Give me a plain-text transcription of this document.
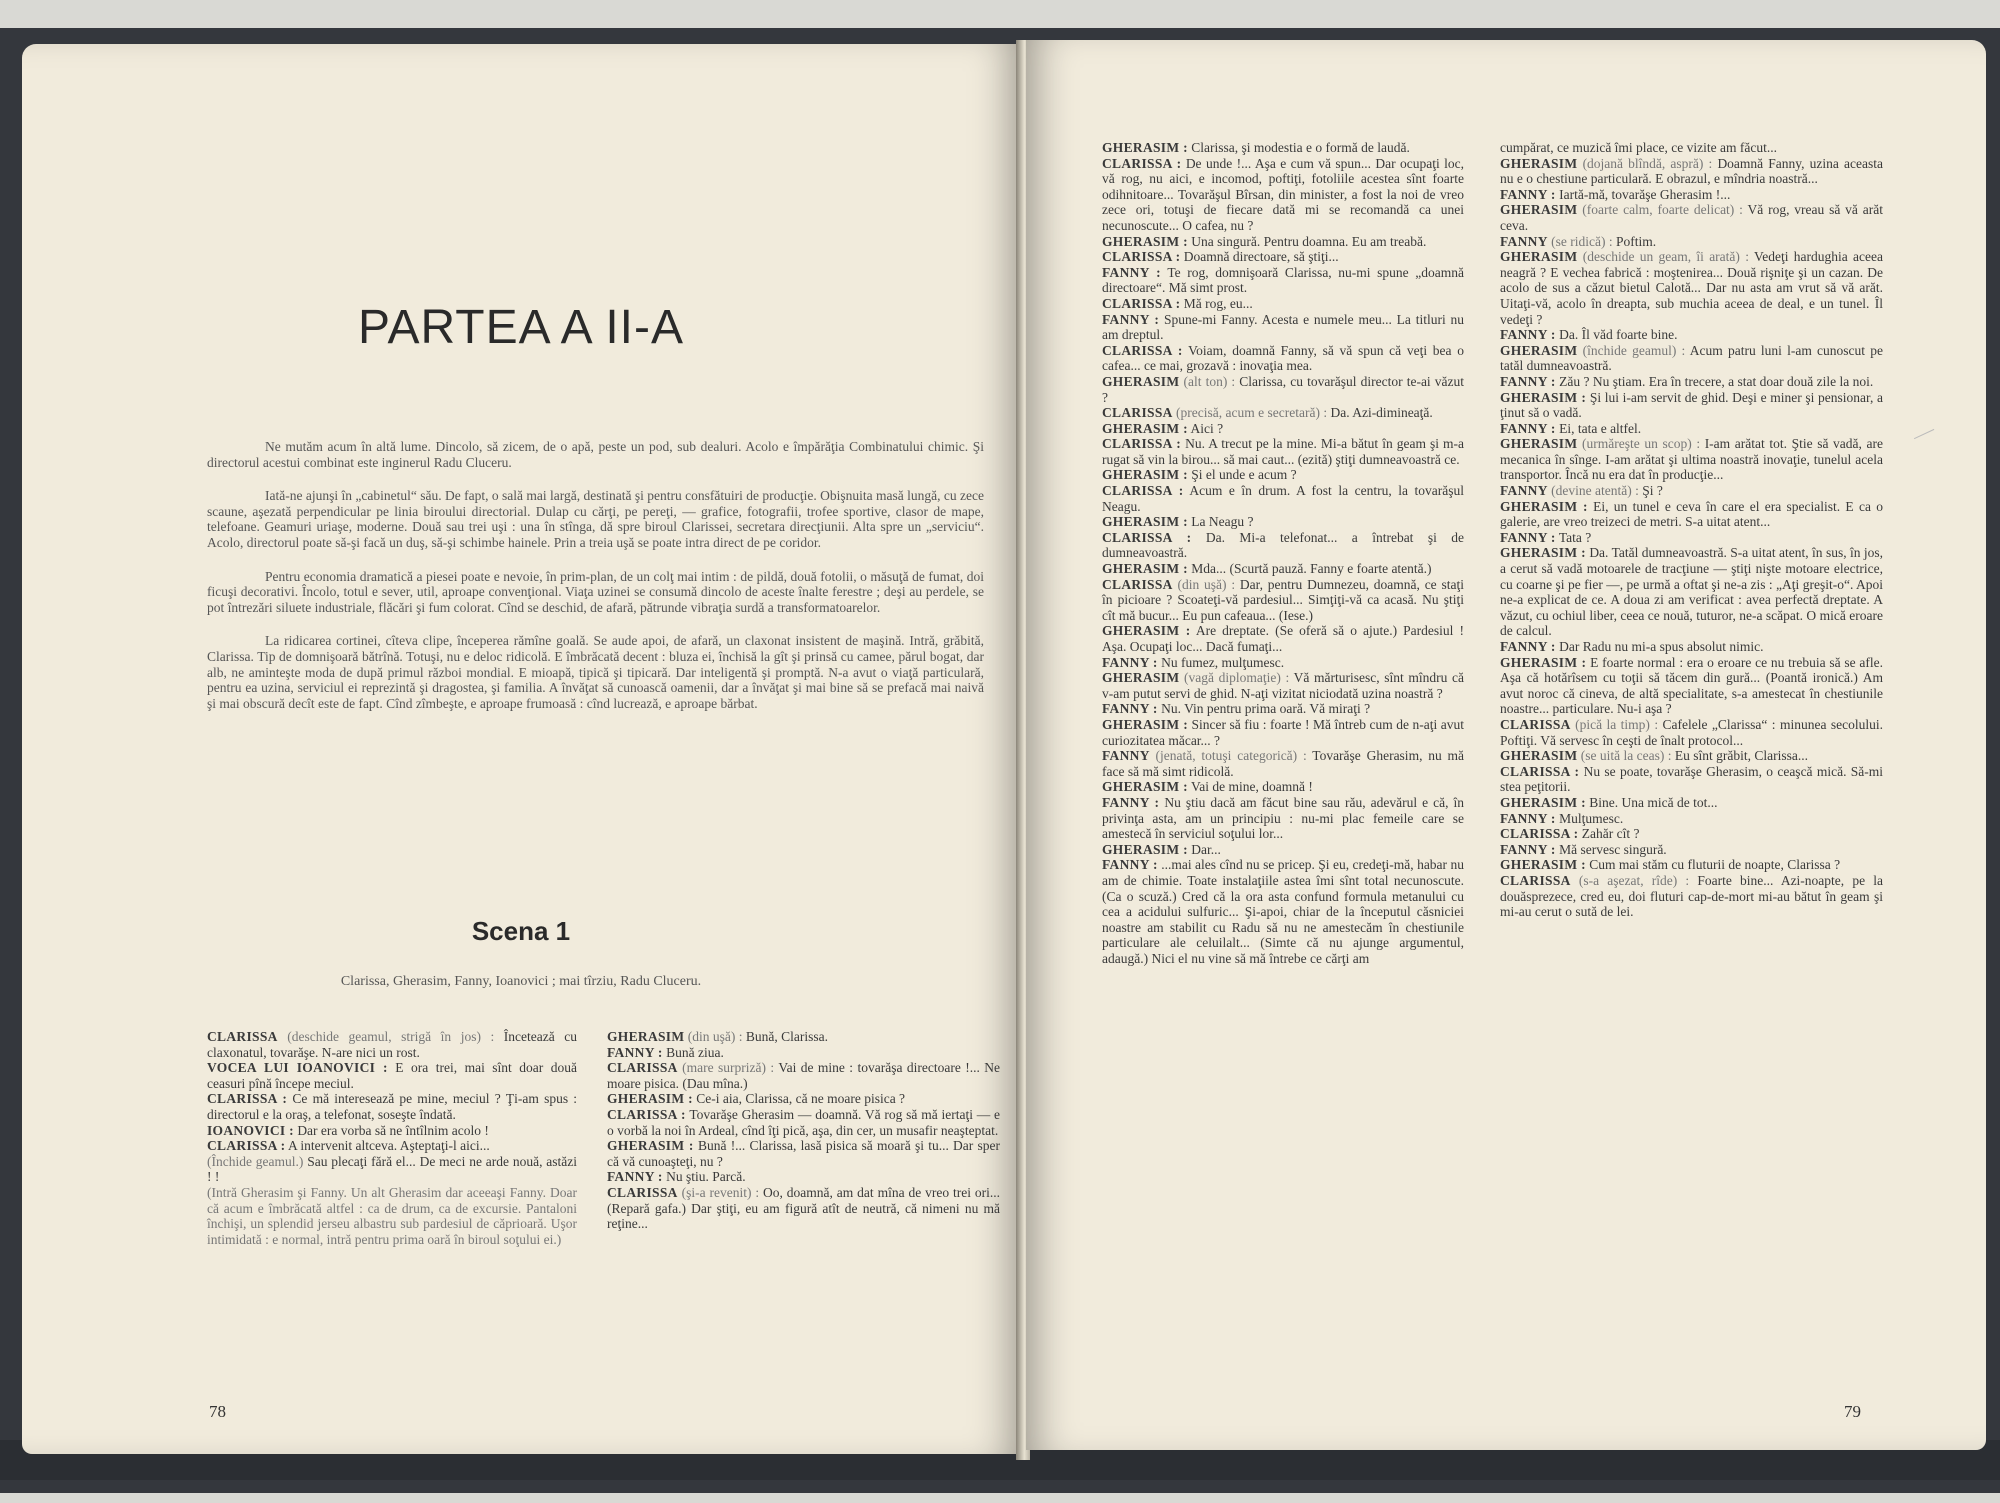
PARTEA A II-A

Ne mutăm acum în altă lume. Dincolo, să zicem, de o apă, peste un pod, sub dealuri. Acolo e împărăţia Combinatului chimic. Şi directorul acestui combinat este inginerul Radu Cluceru.

Iată-ne ajunşi în „cabinetul“ său. De fapt, o sală mai largă, destinată şi pentru consfătuiri de producţie. Obişnuita masă lungă, cu zece scaune, aşezată perpendicular pe linia biroului directorial. Dulap cu cărţi, pe pereţi, — grafice, fotografii, trofee sportive, clasor de mape, telefoane. Geamuri uriaşe, moderne. Două sau trei uşi : una în stînga, dă spre biroul Clarissei, secretara direcţiunii. Alta spre un „serviciu“. Acolo, directorul poate să-şi facă un duş, să-şi schimbe hainele. Prin a treia uşă se poate intra direct de pe coridor.

Pentru economia dramatică a piesei poate e nevoie, în prim-plan, de un colţ mai intim : de pildă, două fotolii, o măsuţă de fumat, doi ficuşi decorativi. Încolo, totul e sever, util, aproape convenţional. Viaţa uzinei se consumă dincolo de aceste înalte ferestre ; deşi au perdele, se pot întrezări siluete industriale, flăcări şi fum colorat. Cînd se deschid, de afară, pătrunde vibraţia surdă a transformatoarelor.

La ridicarea cortinei, cîteva clipe, începerea rămîne goală. Se aude apoi, de afară, un claxonat insistent de maşină. Intră, grăbită, Clarissa. Tip de domnişoară bătrînă. Totuşi, nu e deloc ridicolă. E îmbrăcată decent : bluza ei, închisă la gît şi prinsă cu camee, părul bogat, dar alb, ne aminteşte moda de după primul război mondial. E mioapă, tipică şi tipicară. Dar inteligentă şi promptă. N-a avut o viaţă particulară, pentru ea uzina, serviciul ei reprezintă şi dragostea, şi familia. A învăţat să cunoască oamenii, dar a învăţat şi mai bine să se prefacă mai naivă şi mai obscură decît este de fapt. Cînd zîmbeşte, e aproape frumoasă : cînd lucrează, e aproape bărbat.

Scena 1
Clarissa, Gherasim, Fanny, Ioanovici ; mai tîrziu, Radu Cluceru.

CLARISSA (deschide geamul, strigă în jos) : Încetează cu claxonatul, tovarăşe. N-are nici un rost.

VOCEA LUI IOANOVICI : E ora trei, mai sînt doar două ceasuri pînă începe meciul.

CLARISSA : Ce mă interesează pe mine, meciul ? Ţi-am spus : directorul e la oraş, a telefonat, soseşte îndată.

IOANOVICI : Dar era vorba să ne întîlnim acolo !

CLARISSA : A intervenit altceva. Aşteptaţi-l aici...

(Închide geamul.) Sau plecaţi fără el... De meci ne arde nouă, astăzi ! !

(Intră Gherasim şi Fanny. Un alt Gherasim dar aceeaşi Fanny. Doar că acum e îmbrăcată altfel : ca de drum, ca de excursie. Pantaloni închişi, un splendid jerseu albastru sub pardesiul de căprioară. Uşor intimidată : e normal, intră pentru prima oară în biroul soţului ei.)

GHERASIM (din uşă) : Bună, Clarissa.

FANNY : Bună ziua.

CLARISSA (mare surpriză) : Vai de mine : tovarăşa directoare !... Ne moare pisica. (Dau mîna.)

GHERASIM : Ce-i aia, Clarissa, că ne moare pisica ?

CLARISSA : Tovarăşe Gherasim — doamnă. Vă rog să mă iertaţi — e o vorbă la noi în Ardeal, cînd îţi pică, aşa, din cer, un musafir neaşteptat.

GHERASIM : Bună !... Clarissa, lasă pisica să moară şi tu... Dar sper că vă cunoaşteţi, nu ?

FANNY : Nu ştiu. Parcă.

CLARISSA (şi-a revenit) : Oo, doamnă, am dat mîna de vreo trei ori... (Repară gafa.) Dar ştiţi, eu am figură atît de neutră, că nimeni nu mă reţine...

78

GHERASIM : Clarissa, şi modestia e o formă de laudă.

CLARISSA : De unde !... Aşa e cum vă spun... Dar ocupaţi loc, vă rog, nu aici, e incomod, poftiţi, fotoliile acestea sînt foarte odihnitoare... Tovarăşul Bîrsan, din minister, a fost la noi de vreo zece ori, totuşi de fiecare dată mi se recomandă ca unei necunoscute... O cafea, nu ?

GHERASIM : Una singură. Pentru doamna. Eu am treabă.

CLARISSA : Doamnă directoare, să ştiţi...

FANNY : Te rog, domnişoară Clarissa, nu-mi spune „doamnă directoare“. Mă simt prost.

CLARISSA : Mă rog, eu...

FANNY : Spune-mi Fanny. Acesta e numele meu... La titluri nu am dreptul.

CLARISSA : Voiam, doamnă Fanny, să vă spun că veţi bea o cafea... ce mai, grozavă : inovaţia mea.

GHERASIM (alt ton) : Clarissa, cu tovarăşul director te-ai văzut ?

CLARISSA (precisă, acum e secretară) : Da. Azi-dimineaţă.

GHERASIM : Aici ?

CLARISSA : Nu. A trecut pe la mine. Mi-a bătut în geam şi m-a rugat să vin la birou... să mai caut... (ezită) ştiţi dumneavoastră ce.

GHERASIM : Şi el unde e acum ?

CLARISSA : Acum e în drum. A fost la centru, la tovarăşul Neagu.

GHERASIM : La Neagu ?

CLARISSA : Da. Mi-a telefonat... a întrebat şi de dumneavoastră.

GHERASIM : Mda... (Scurtă pauză. Fanny e foarte atentă.)

CLARISSA (din uşă) : Dar, pentru Dumnezeu, doamnă, ce staţi în picioare ? Scoateţi-vă pardesiul... Simţiţi-vă ca acasă. Nu ştiţi cît mă bucur... Eu pun cafeaua... (Iese.)

GHERASIM : Are dreptate. (Se oferă să o ajute.) Pardesiul ! Aşa. Ocupaţi loc... Dacă fumaţi...

FANNY : Nu fumez, mulţumesc.

GHERASIM (vagă diplomaţie) : Vă mărturisesc, sînt mîndru că v-am putut servi de ghid. N-aţi vizitat niciodată uzina noastră ?

FANNY : Nu. Vin pentru prima oară. Vă miraţi ?

GHERASIM : Sincer să fiu : foarte ! Mă întreb cum de n-aţi avut curiozitatea măcar... ?

FANNY (jenată, totuşi categorică) : Tovarăşe Gherasim, nu mă face să mă simt ridicolă.

GHERASIM : Vai de mine, doamnă !

FANNY : Nu ştiu dacă am făcut bine sau rău, adevărul e că, în privinţa asta, am un principiu : nu-mi plac femeile care se amestecă în serviciul soţului lor...

GHERASIM : Dar...

FANNY : ...mai ales cînd nu se pricep. Şi eu, credeţi-mă, habar nu am de chimie. Toate instalaţiile astea îmi sînt total necunoscute. (Ca o scuză.) Cred că la ora asta confund formula metanului cu cea a acidului sulfuric... Şi-apoi, chiar de la începutul căsniciei noastre am stabilit cu Radu să nu ne amestecăm în chestiunile particulare ale celuilalt... (Simte că nu ajunge argumentul, adaugă.) Nici el nu vine să mă întrebe ce cărţi am

cumpărat, ce muzică îmi place, ce vizite am făcut...

GHERASIM (dojană blîndă, aspră) : Doamnă Fanny, uzina aceasta nu e o chestiune particulară. E obrazul, e mîndria noastră...

FANNY : Iartă-mă, tovarăşe Gherasim !...

GHERASIM (foarte calm, foarte delicat) : Vă rog, vreau să vă arăt ceva.

FANNY (se ridică) : Poftim.

GHERASIM (deschide un geam, îi arată) : Vedeţi hardughia aceea neagră ? E vechea fabrică : moştenirea... Două rişniţe şi un cazan. De acolo de sus a căzut bietul Calotă... Dar nu asta am vrut să vă arăt. Uitaţi-vă, acolo în dreapta, sub muchia aceea de deal, e un tunel. Îl vedeţi ?

FANNY : Da. Îl văd foarte bine.

GHERASIM (închide geamul) : Acum patru luni l-am cunoscut pe tatăl dumneavoastră.

FANNY : Zău ? Nu ştiam. Era în trecere, a stat doar două zile la noi.

GHERASIM : Şi lui i-am servit de ghid. Deşi e miner şi pensionar, a ţinut să o vadă.

FANNY : Ei, tata e altfel.

GHERASIM (urmăreşte un scop) : I-am arătat tot. Ştie să vadă, are mecanica în sînge. I-am arătat şi ultima noastră inovaţie, tunelul acela transportor. Încă nu era dat în producţie...

FANNY (devine atentă) : Şi ?

GHERASIM : Ei, un tunel e ceva în care el era specialist. E ca o galerie, are vreo treizeci de metri. S-a uitat atent...

FANNY : Tata ?

GHERASIM : Da. Tatăl dumneavoastră. S-a uitat atent, în sus, în jos, a cerut să vadă motoarele de tracţiune — ştiţi nişte motoare electrice, cu coarne şi pe fier —, pe urmă a oftat şi ne-a zis : „Aţi greşit-o“. Apoi ne-a explicat de ce. A doua zi am verificat : avea perfectă dreptate. A văzut, cu ochiul liber, ceea ce nouă, tuturor, ne-a scăpat. O mică eroare de calcul.

FANNY : Dar Radu nu mi-a spus absolut nimic.

GHERASIM : E foarte normal : era o eroare ce nu trebuia să se afle. Aşa că hotărîsem cu toţii să tăcem din gură... (Poantă ironică.) Am avut noroc că cineva, de altă specialitate, s-a amestecat în chestiunile noastre... particulare. Nu-i aşa ?

CLARISSA (pică la timp) : Cafelele „Clarissa“ : minunea secolului. Poftiţi. Vă servesc în ceşti de înalt protocol...

GHERASIM (se uită la ceas) : Eu sînt grăbit, Clarissa...

CLARISSA : Nu se poate, tovarăşe Gherasim, o ceaşcă mică. Să-mi stea peţitorii.

GHERASIM : Bine. Una mică de tot...

FANNY : Mulţumesc.

CLARISSA : Zahăr cît ?

FANNY : Mă servesc singură.

GHERASIM : Cum mai stăm cu fluturii de noapte, Clarissa ?

CLARISSA (s-a aşezat, rîde) : Foarte bine... Azi-noapte, pe la douăsprezece, cred eu, doi fluturi cap-de-mort mi-au bătut în geam şi mi-au cerut o sută de lei.

79
